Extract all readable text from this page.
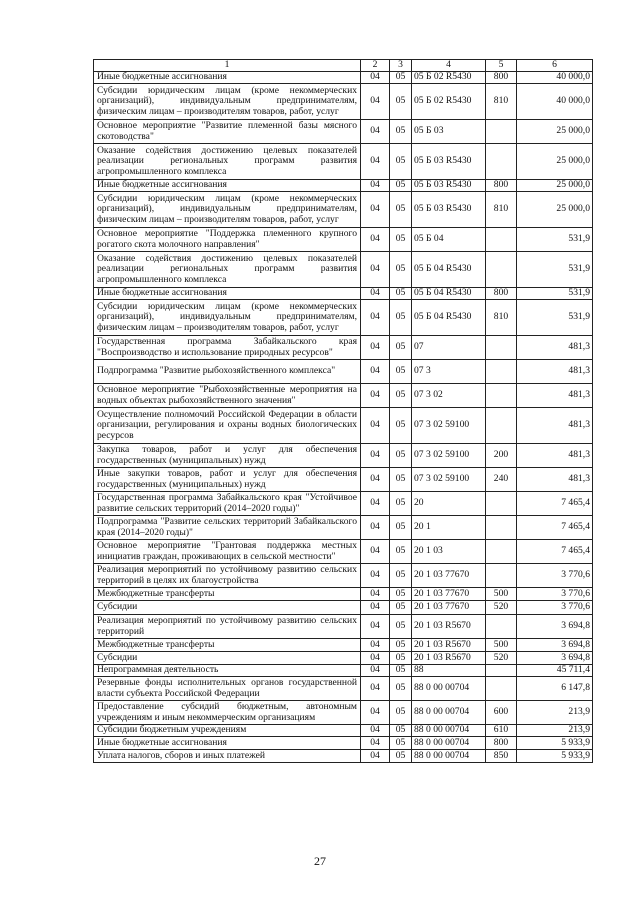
1	2	3	4	5	6
Иные бюджетные ассигнования	04	05	05 Б 02 R5430	800	40 000,0
Субсидии юридическим лицам (кроме некоммерческих организаций), индивидуальным предпринимателям, физическим лицам – производителям товаров, работ, услуг	04	05	05 Б 02 R5430	810	40 000,0
Основное мероприятие "Развитие племенной базы мясного скотоводства"	04	05	05 Б 03		25 000,0
Оказание содействия достижению целевых показателей реализации региональных программ развития агропромышленного комплекса	04	05	05 Б 03 R5430		25 000,0
Иные бюджетные ассигнования	04	05	05 Б 03 R5430	800	25 000,0
Субсидии юридическим лицам (кроме некоммерческих организаций), индивидуальным предпринимателям, физическим лицам – производителям товаров, работ, услуг	04	05	05 Б 03 R5430	810	25 000,0
Основное мероприятие "Поддержка племенного крупного рогатого скота молочного направления"	04	05	05 Б 04		531,9
Оказание содействия достижению целевых показателей реализации региональных программ развития агропромышленного комплекса	04	05	05 Б 04 R5430		531,9
Иные бюджетные ассигнования	04	05	05 Б 04 R5430	800	531,9
Субсидии юридическим лицам (кроме некоммерческих организаций), индивидуальным предпринимателям, физическим лицам – производителям товаров, работ, услуг	04	05	05 Б 04 R5430	810	531,9
Государственная программа Забайкальского края "Воспроизводство и использование природных ресурсов"	04	05	07		481,3
Подпрограмма "Развитие рыбохозяйственного комплекса"	04	05	07 3		481,3
Основное мероприятие "Рыбохозяйственные мероприятия на водных объектах рыбохозяйственного значения"	04	05	07 3 02		481,3
Осуществление полномочий Российской Федерации в области организации, регулирования и охраны водных биологических ресурсов	04	05	07 3 02 59100		481,3
Закупка товаров, работ и услуг для обеспечения государственных (муниципальных) нужд	04	05	07 3 02 59100	200	481,3
Иные закупки товаров, работ и услуг для обеспечения государственных (муниципальных) нужд	04	05	07 3 02 59100	240	481,3
Государственная программа Забайкальского края "Устойчивое развитие сельских территорий (2014–2020 годы)"	04	05	20		7 465,4
Подпрограмма "Развитие сельских территорий Забайкальского края (2014–2020 годы)"	04	05	20 1		7 465,4
Основное мероприятие "Грантовая поддержка местных инициатив граждан, проживающих в сельской местности"	04	05	20 1 03		7 465,4
Реализация мероприятий по устойчивому развитию сельских территорий в целях их благоустройства	04	05	20 1 03 77670		3 770,6
Межбюджетные трансферты	04	05	20 1 03 77670	500	3 770,6
Субсидии	04	05	20 1 03 77670	520	3 770,6
Реализация мероприятий по устойчивому развитию сельских территорий	04	05	20 1 03 R5670		3 694,8
Межбюджетные трансферты	04	05	20 1 03 R5670	500	3 694,8
Субсидии	04	05	20 1 03 R5670	520	3 694,8
Непрограммная деятельность	04	05	88		45 711,4
Резервные фонды исполнительных органов государственной власти субъекта Российской Федерации	04	05	88 0 00 00704		6 147,8
Предоставление субсидий бюджетным, автономным учреждениям и иным некоммерческим организациям	04	05	88 0 00 00704	600	213,9
Субсидии бюджетным учреждениям	04	05	88 0 00 00704	610	213,9
Иные бюджетные ассигнования	04	05	88 0 00 00704	800	5 933,9
Уплата налогов, сборов и иных платежей	04	05	88 0 00 00704	850	5 933,9
27
